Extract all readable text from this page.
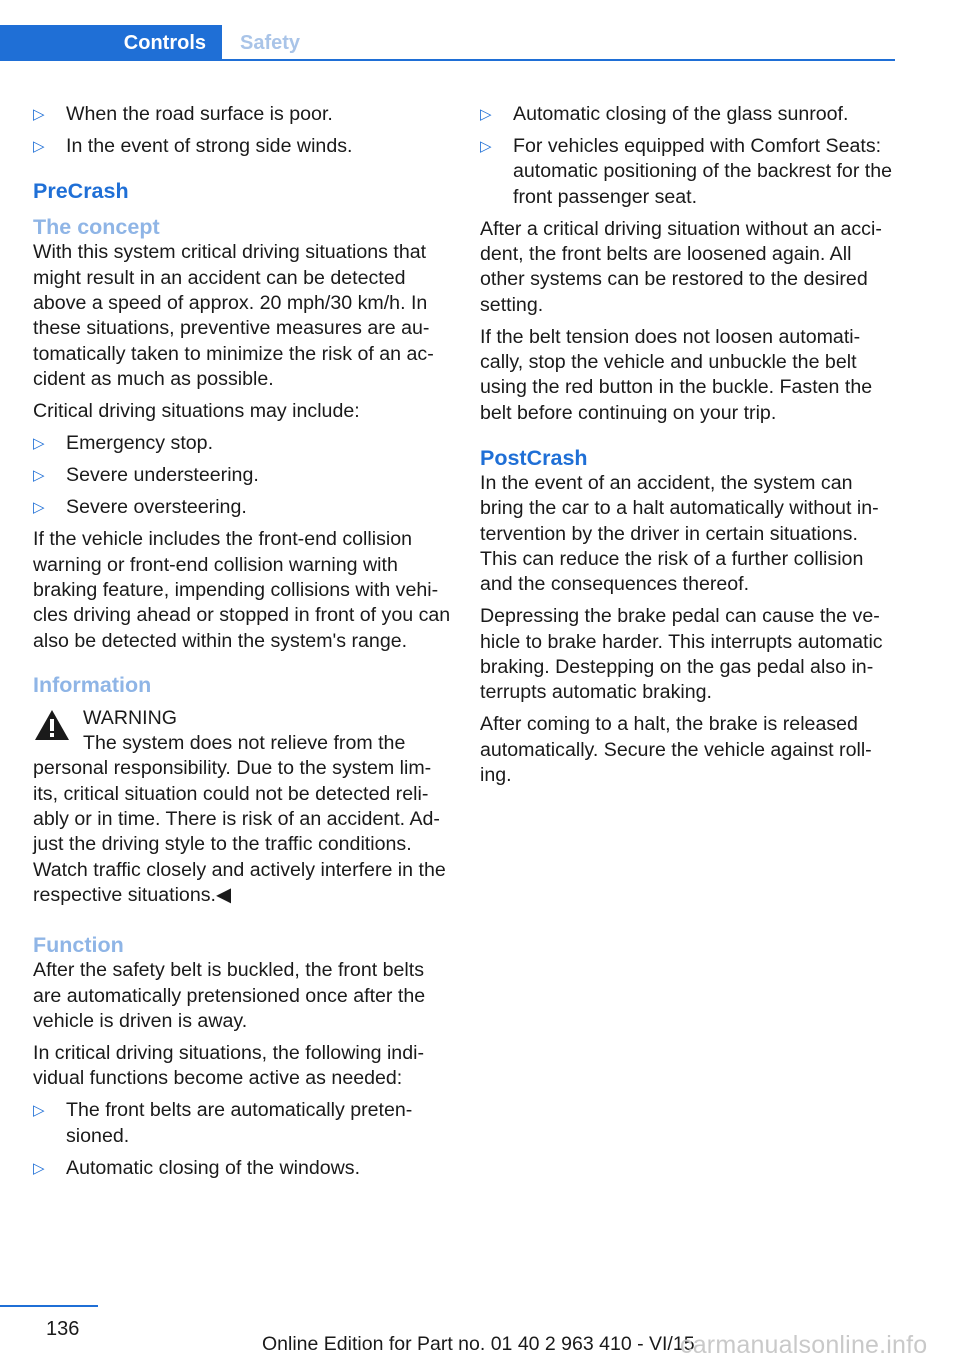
Controls	Safety
▷ When the road surface is poor.
▷ In the event of strong side winds.
PreCrash
The concept

With this system critical driving situations that might result in an accident can be detected above a speed of approx. 20 mph/30 km/h. In these situations, preventive measures are au-tomatically taken to minimize the risk of an ac-cident as much as possible.

Critical driving situations may include:

▷ Emergency stop.
▷ Severe understeering.
▷ Severe oversteering.

If the vehicle includes the front-end collision warning or front-end collision warning with braking feature, impending collisions with vehi-cles driving ahead or stopped in front of you can also be detected within the system's range.

Information
WARNING
The system does not relieve from the

personal responsibility. Due to the system lim-its, critical situation could not be detected reli-ably or in time. There is risk of an accident. Ad-just the driving style to the traffic conditions. Watch traffic closely and actively interfere in the respective situations.◀

Function

After the safety belt is buckled, the front belts are automatically pretensioned once after the vehicle is driven is away.

In critical driving situations, the following indi-vidual functions become active as needed:

▷ The front belts are automatically preten-sioned.
▷ Automatic closing of the windows.
▷ Automatic closing of the glass sunroof.
▷ For vehicles equipped with Comfort Seats: automatic positioning of the backrest for the front passenger seat.

After a critical driving situation without an acci-dent, the front belts are loosened again. All other systems can be restored to the desired setting.

If the belt tension does not loosen automati-cally, stop the vehicle and unbuckle the belt using the red button in the buckle. Fasten the belt before continuing on your trip.

PostCrash

In the event of an accident, the system can bring the car to a halt automatically without in-tervention by the driver in certain situations. This can reduce the risk of a further collision and the consequences thereof.

Depressing the brake pedal can cause the ve-hicle to brake harder. This interrupts automatic braking. Destepping on the gas pedal also in-terrupts automatic braking.

After coming to a halt, the brake is released automatically. Secure the vehicle against roll-ing.

136
Online Edition for Part no. 01 40 2 963 410 - VI/15
carmanualsonline.info
